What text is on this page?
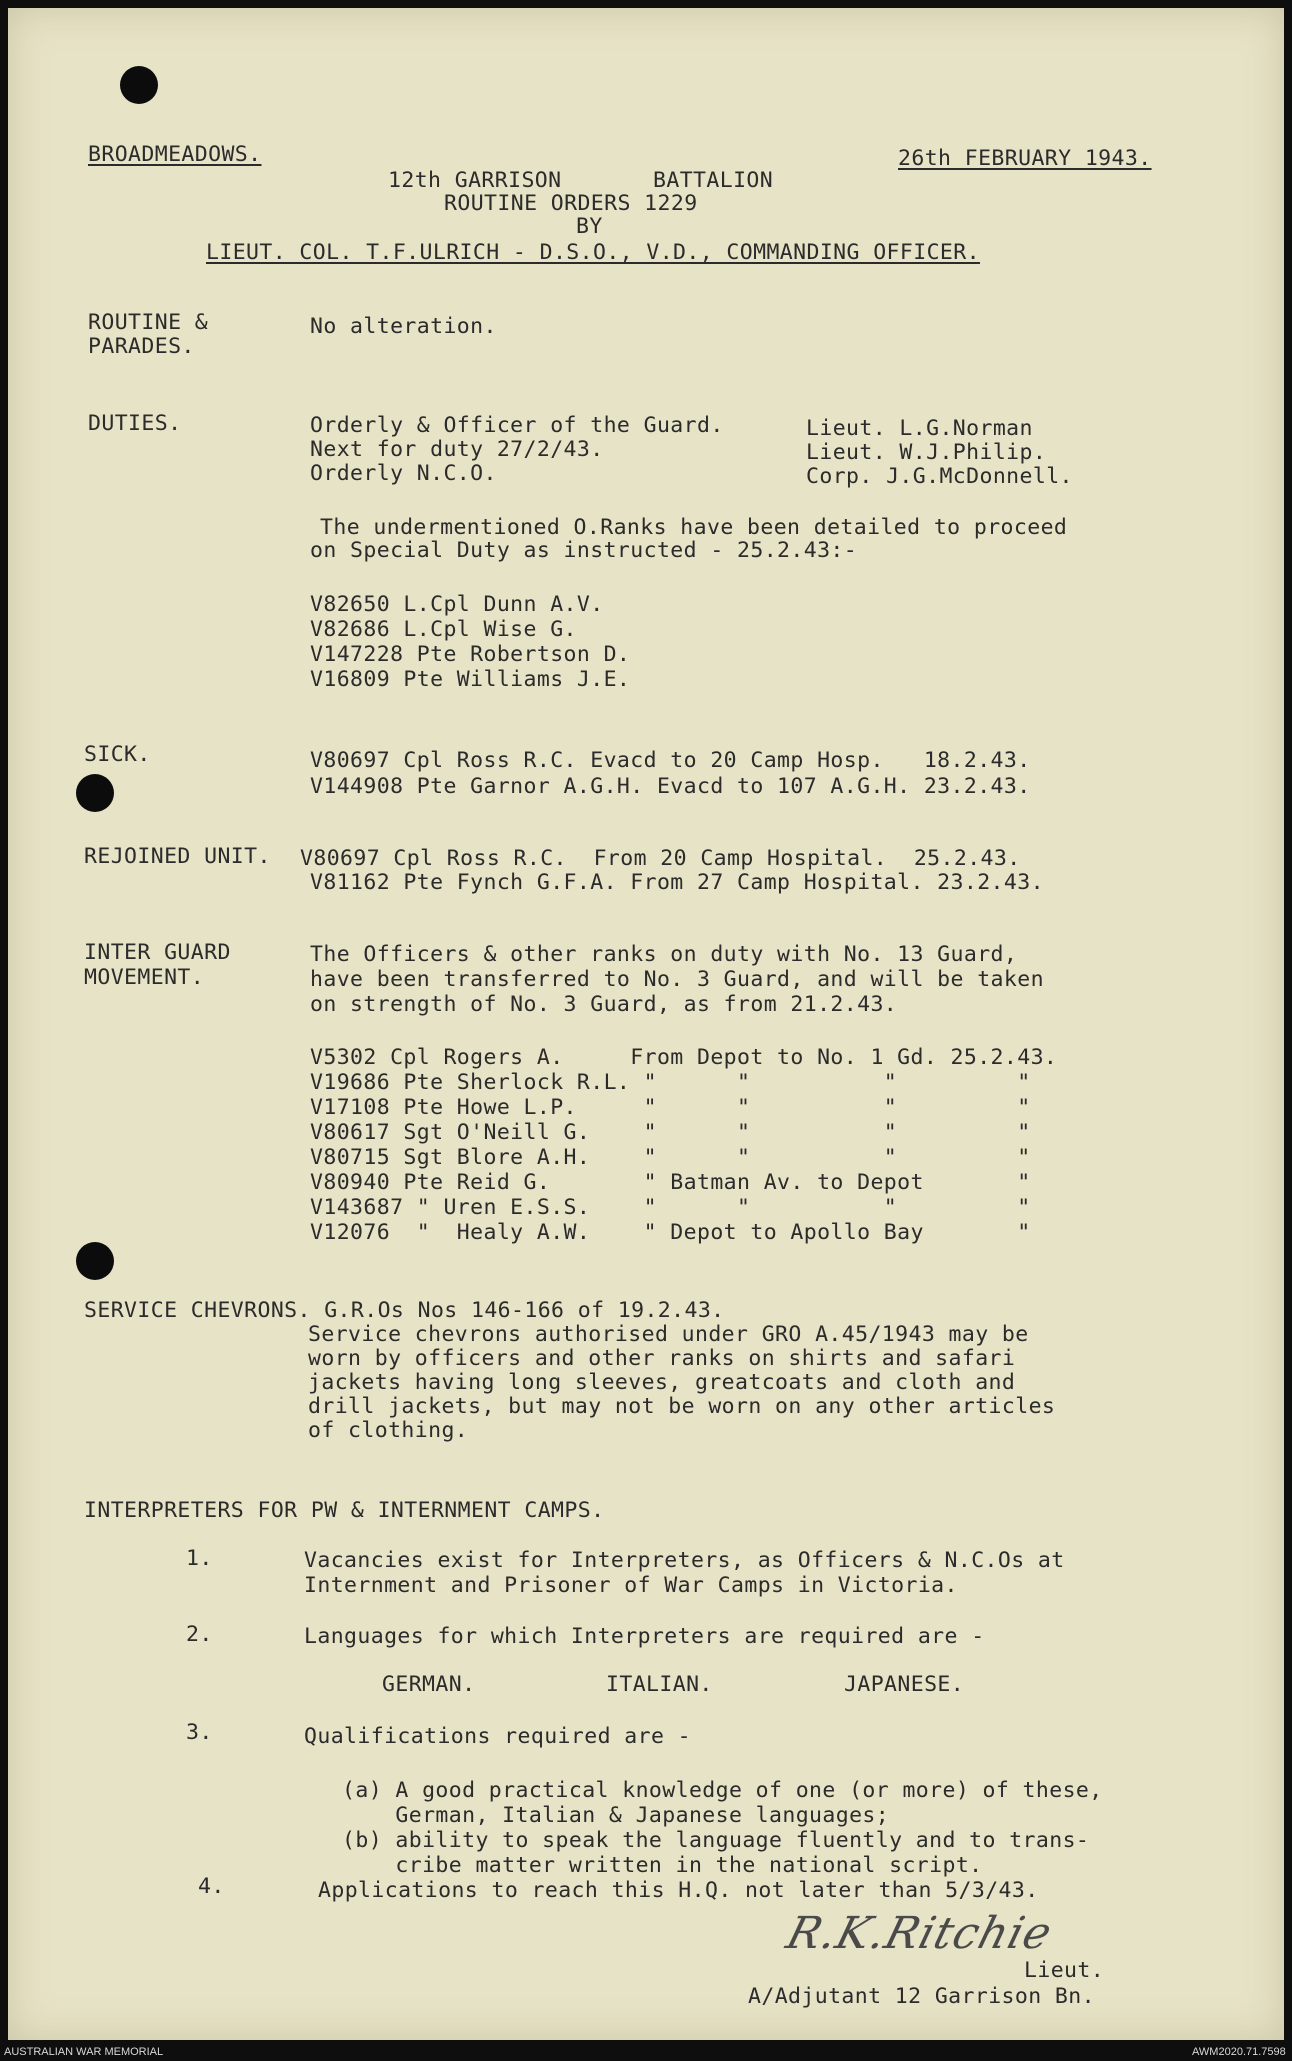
BROADMEADOWS.	26th FEBRUARY 1943.
12th GARRISON	BATTALION
ROUTINE ORDERS 1229
BY
LIEUT. COL. T.F.ULRICH - D.S.O., V.D., COMMANDING OFFICER.
ROUTINE &
PARADES.
No alteration.
DUTIES.	Orderly & Officer of the Guard.	Lieut. L.G.Norman
Next for duty 27/2/43.	Lieut. W.J.Philip.
Orderly N.C.O.	Corp. J.G.McDonnell.
The undermentioned O.Ranks have been detailed to proceed
on Special Duty as instructed - 25.2.43:-
V82650 L.Cpl Dunn A.V.
V82686 L.Cpl Wise G.
V147228 Pte Robertson D.
V16809 Pte Williams J.E.
SICK.	V80697 Cpl Ross R.C. Evacd to 20 Camp Hosp.   18.2.43.
V144908 Pte Garnor A.G.H. Evacd to 107 A.G.H. 23.2.43.
REJOINED UNIT. V80697 Cpl Ross R.C.  From 20 Camp Hospital.  25.2.43.
V81162 Pte Fynch G.F.A. From 27 Camp Hospital. 23.2.43.
INTER GUARD
MOVEMENT.
The Officers & other ranks on duty with No. 13 Guard,
have been transferred to No. 3 Guard, and will be taken
on strength of No. 3 Guard, as from 21.2.43.
V5302 Cpl Rogers A.     From Depot to No. 1 Gd. 25.2.43.
V19686 Pte Sherlock R.L. "      "          "         "
V17108 Pte Howe L.P.     "      "          "         "
V80617 Sgt O'Neill G.    "      "          "         "
V80715 Sgt Blore A.H.    "      "          "         "
V80940 Pte Reid G.       " Batman Av. to Depot       "
V143687 " Uren E.S.S.    "      "          "         "
V12076  "  Healy A.W.    " Depot to Apollo Bay       "
SERVICE CHEVRONS. G.R.Os Nos 146-166 of 19.2.43.
Service chevrons authorised under GRO A.45/1943 may be
worn by officers and other ranks on shirts and safari
jackets having long sleeves, greatcoats and cloth and
drill jackets, but may not be worn on any other articles
of clothing.
INTERPRETERS FOR PW & INTERNMENT CAMPS.
1.	Vacancies exist for Interpreters, as Officers & N.C.Os at
Internment and Prisoner of War Camps in Victoria.
2.	Languages for which Interpreters are required are -
GERMAN.	ITALIAN.	JAPANESE.
3.	Qualifications required are -
(a) A good practical knowledge of one (or more) of these,
German, Italian & Japanese languages;
(b) ability to speak the language fluently and to trans-
cribe matter written in the national script.
4.	Applications to reach this H.Q. not later than 5/3/43.
R.K.Ritchie
Lieut.
A/Adjutant 12 Garrison Bn.
AUSTRALIAN WAR MEMORIAL	AWM2020.71.7598
